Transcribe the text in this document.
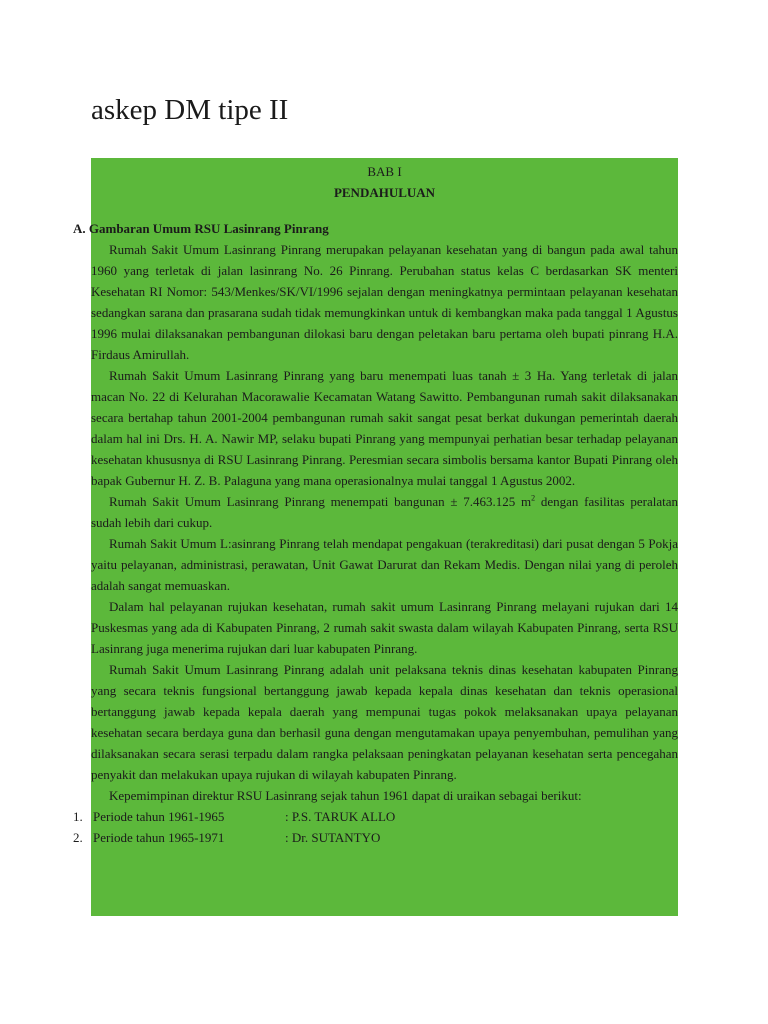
askep DM tipe II
BAB I
PENDAHULUAN

A. Gambaran Umum RSU Lasinrang Pinrang

Rumah Sakit Umum Lasinrang Pinrang merupakan pelayanan kesehatan yang di bangun pada awal tahun 1960 yang terletak di jalan lasinrang No. 26 Pinrang. Perubahan status kelas C berdasarkan SK menteri Kesehatan RI Nomor: 543/Menkes/SK/VI/1996 sejalan dengan meningkatnya permintaan pelayanan kesehatan sedangkan sarana dan prasarana sudah tidak memungkinkan untuk di kembangkan maka pada tanggal 1 Agustus 1996 mulai dilaksanakan pembangunan dilokasi baru dengan peletakan baru pertama oleh bupati pinrang H.A. Firdaus Amirullah.

Rumah Sakit Umum Lasinrang Pinrang yang baru menempati luas tanah ± 3 Ha. Yang terletak di jalan macan No. 22 di Kelurahan Macorawalie Kecamatan Watang Sawitto. Pembangunan rumah sakit dilaksanakan secara bertahap tahun 2001-2004 pembangunan rumah sakit sangat pesat berkat dukungan pemerintah daerah dalam hal ini Drs. H. A. Nawir MP, selaku bupati Pinrang yang mempunyai perhatian besar terhadap pelayanan kesehatan khususnya di RSU Lasinrang Pinrang. Peresmian secara simbolis bersama kantor Bupati Pinrang oleh bapak Gubernur H. Z. B. Palaguna yang mana operasionalnya mulai tanggal 1 Agustus 2002.

Rumah Sakit Umum Lasinrang Pinrang menempati bangunan ± 7.463.125 $m^2$ dengan fasilitas peralatan sudah lebih dari cukup.

Rumah Sakit Umum L:asinrang Pinrang telah mendapat pengakuan (terakreditasi) dari pusat dengan 5 Pokja yaitu pelayanan, administrasi, perawatan, Unit Gawat Darurat dan Rekam Medis. Dengan nilai yang di peroleh adalah sangat memuaskan.

Dalam hal pelayanan rujukan kesehatan, rumah sakit umum Lasinrang Pinrang melayani rujukan dari 14 Puskesmas yang ada di Kabupaten Pinrang, 2 rumah sakit swasta dalam wilayah Kabupaten Pinrang, serta RSU Lasinrang juga menerima rujukan dari luar kabupaten Pinrang.

Rumah Sakit Umum Lasinrang Pinrang adalah unit pelaksana teknis dinas kesehatan kabupaten Pinrang yang secara teknis fungsional bertanggung jawab kepada kepala dinas kesehatan dan teknis operasional bertanggung jawab kepada kepala daerah yang mempunai tugas pokok melaksanakan upaya pelayanan kesehatan secara berdaya guna dan berhasil guna dengan mengutamakan upaya penyembuhan, pemulihan yang dilaksanakan secara serasi terpadu dalam rangka pelaksaan peningkatan pelayanan kesehatan serta pencegahan penyakit dan melakukan upaya rujukan di wilayah kabupaten Pinrang.

Kepemimpinan direktur RSU Lasinrang sejak tahun 1961 dapat di uraikan sebagai berikut:

1. Periode tahun 1961-1965	: P.S. TARUK ALLO
2. Periode tahun 1965-1971	: Dr. SUTANTYO
